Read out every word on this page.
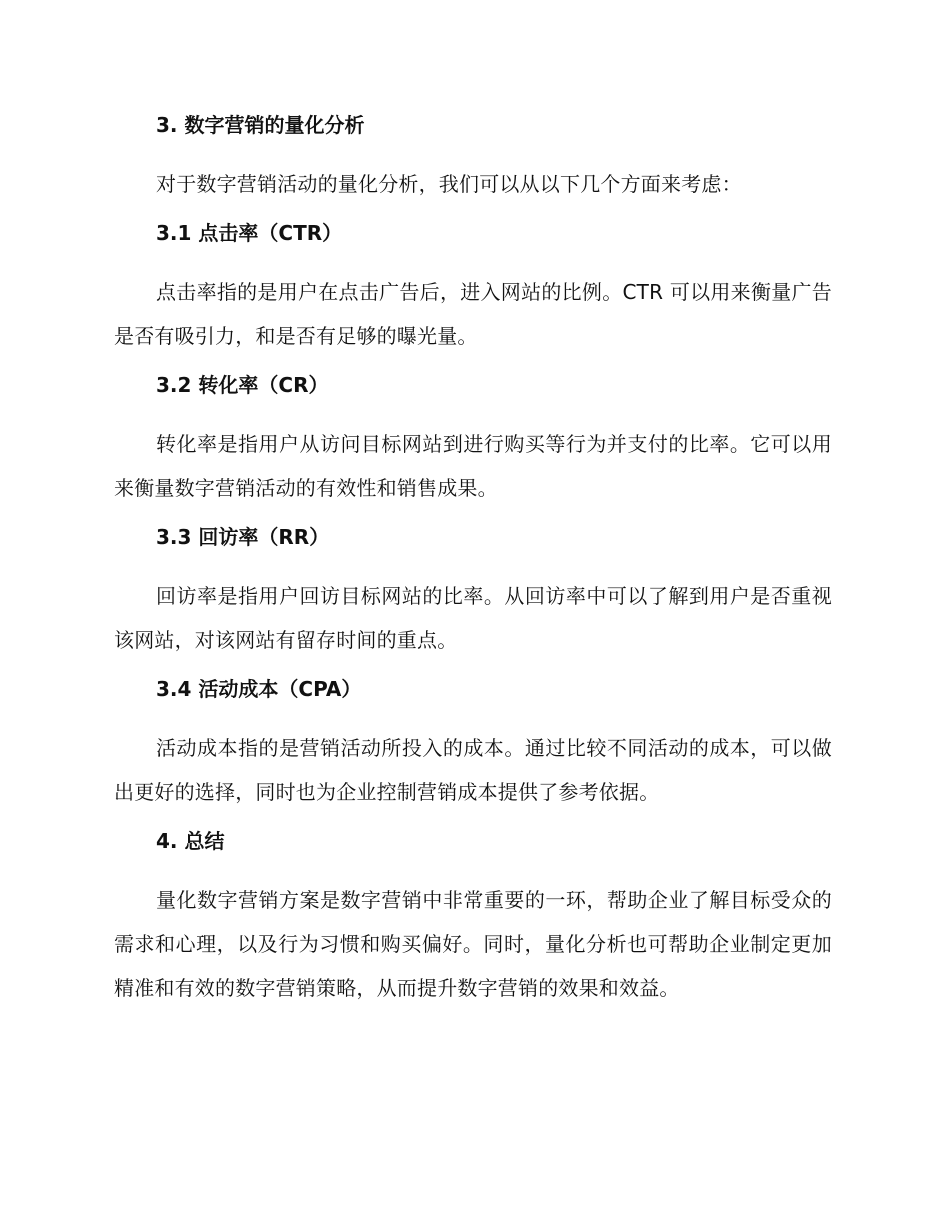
3. 数字营销的量化分析
对于数字营销活动的量化分析，我们可以从以下几个方面来考虑：
3.1 点击率（CTR）
点击率指的是用户在点击广告后，进入网站的比例。CTR 可以用来衡量广告是否有吸引力，和是否有足够的曝光量。
3.2 转化率（CR）
转化率是指用户从访问目标网站到进行购买等行为并支付的比率。它可以用来衡量数字营销活动的有效性和销售成果。
3.3 回访率（RR）
回访率是指用户回访目标网站的比率。从回访率中可以了解到用户是否重视该网站，对该网站有留存时间的重点。
3.4 活动成本（CPA）
活动成本指的是营销活动所投入的成本。通过比较不同活动的成本，可以做出更好的选择，同时也为企业控制营销成本提供了参考依据。
4. 总结
量化数字营销方案是数字营销中非常重要的一环，帮助企业了解目标受众的需求和心理，以及行为习惯和购买偏好。同时，量化分析也可帮助企业制定更加精准和有效的数字营销策略，从而提升数字营销的效果和效益。
